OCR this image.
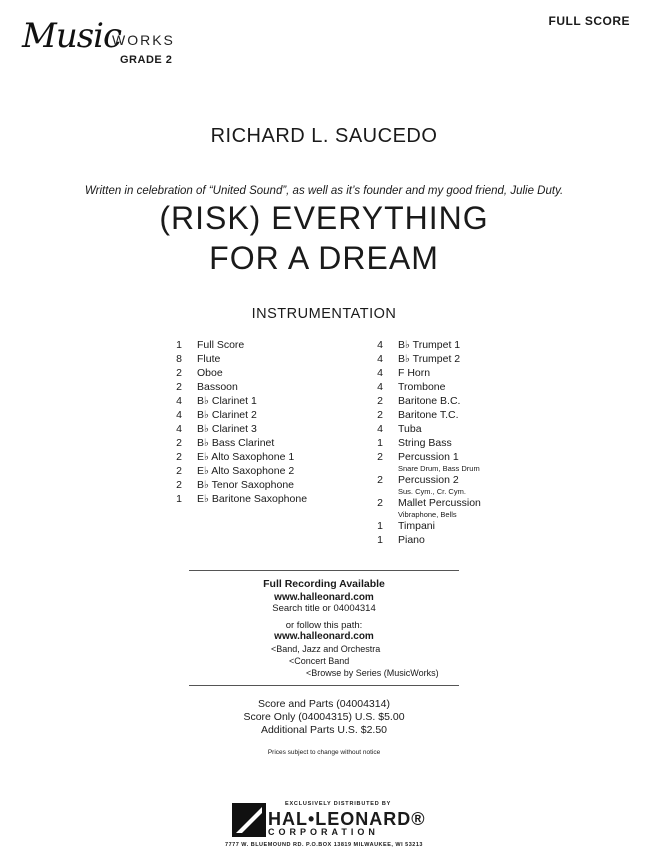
Music
WORKS
GRADE 2
FULL SCORE
RICHARD L. SAUCEDO
Written in celebration of “United Sound”, as well as it’s founder and my good friend, Julie Duty.
(RISK) EVERYTHING
FOR A DREAM
INSTRUMENTATION
1 Full Score
8 Flute
2 Oboe
2 Bassoon
4 B♭ Clarinet 1
4 B♭ Clarinet 2
4 B♭ Clarinet 3
2 B♭ Bass Clarinet
2 E♭ Alto Saxophone 1
2 E♭ Alto Saxophone 2
2 B♭ Tenor Saxophone
1 E♭ Baritone Saxophone
4 B♭ Trumpet 1
4 B♭ Trumpet 2
4 F Horn
4 Trombone
2 Baritone B.C.
2 Baritone T.C.
4 Tuba
1 String Bass
2 Percussion 1
Snare Drum, Bass Drum
2 Percussion 2
Sus. Cym., Cr. Cym.
2 Mallet Percussion
Vibraphone, Bells
1 Timpani
1 Piano
Full Recording Available
www.halleonard.com
Search title or 04004314
or follow this path:
www.halleonard.com
<Band, Jazz and Orchestra
<Concert Band
<Browse by Series (MusicWorks)
Score and Parts (04004314)
Score Only (04004315) U.S. $5.00
Additional Parts U.S. $2.50
Prices subject to change without notice
EXCLUSIVELY DISTRIBUTED BY
HAL•LEONARD®
CORPORATION
7777 W. BLUEMOUND RD. P.O.BOX 13819 MILWAUKEE, WI 53213
